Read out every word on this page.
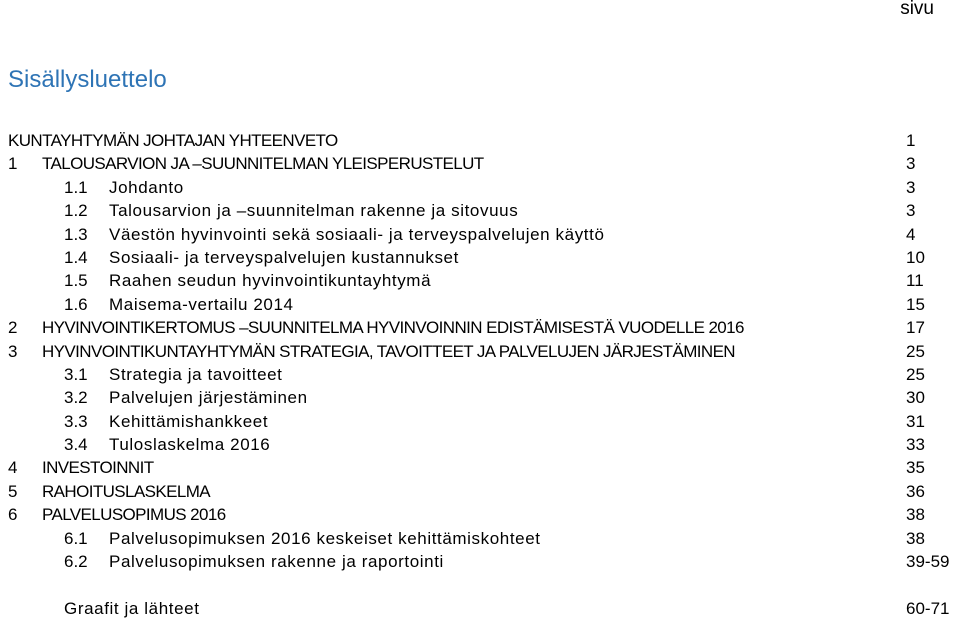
sivu
Sisällysluettelo
KUNTAYHTYMÄN JOHTAJAN YHTEENVETO	1
1 TALOUSARVION JA –SUUNNITELMAN YLEISPERUSTELUT	3
1.1 Johdanto	3
1.2 Talousarvion ja –suunnitelman rakenne ja sitovuus	3
1.3 Väestön hyvinvointi sekä sosiaali- ja terveyspalvelujen käyttö	4
1.4 Sosiaali- ja terveyspalvelujen kustannukset	10
1.5 Raahen seudun hyvinvointikuntayhtymä	11
1.6 Maisema-vertailu 2014	15
2 HYVINVOINTIKERTOMUS –SUUNNITELMA HYVINVOINNIN EDISTÄMISESTÄ VUODELLE 2016	17
3 HYVINVOINTIKUNTAYHTYMÄN STRATEGIA, TAVOITTEET JA PALVELUJEN JÄRJESTÄMINEN	25
3.1 Strategia ja tavoitteet	25
3.2 Palvelujen järjestäminen	30
3.3 Kehittämishankkeet	31
3.4 Tuloslaskelma 2016	33
4 INVESTOINNIT	35
5 RAHOITUSLASKELMA	36
6 PALVELUSOPIMUS 2016	38
6.1 Palvelusopimuksen 2016 keskeiset kehittämiskohteet	38
6.2 Palvelusopimuksen rakenne ja raportointi	39-59
Graafit ja lähteet	60-71
